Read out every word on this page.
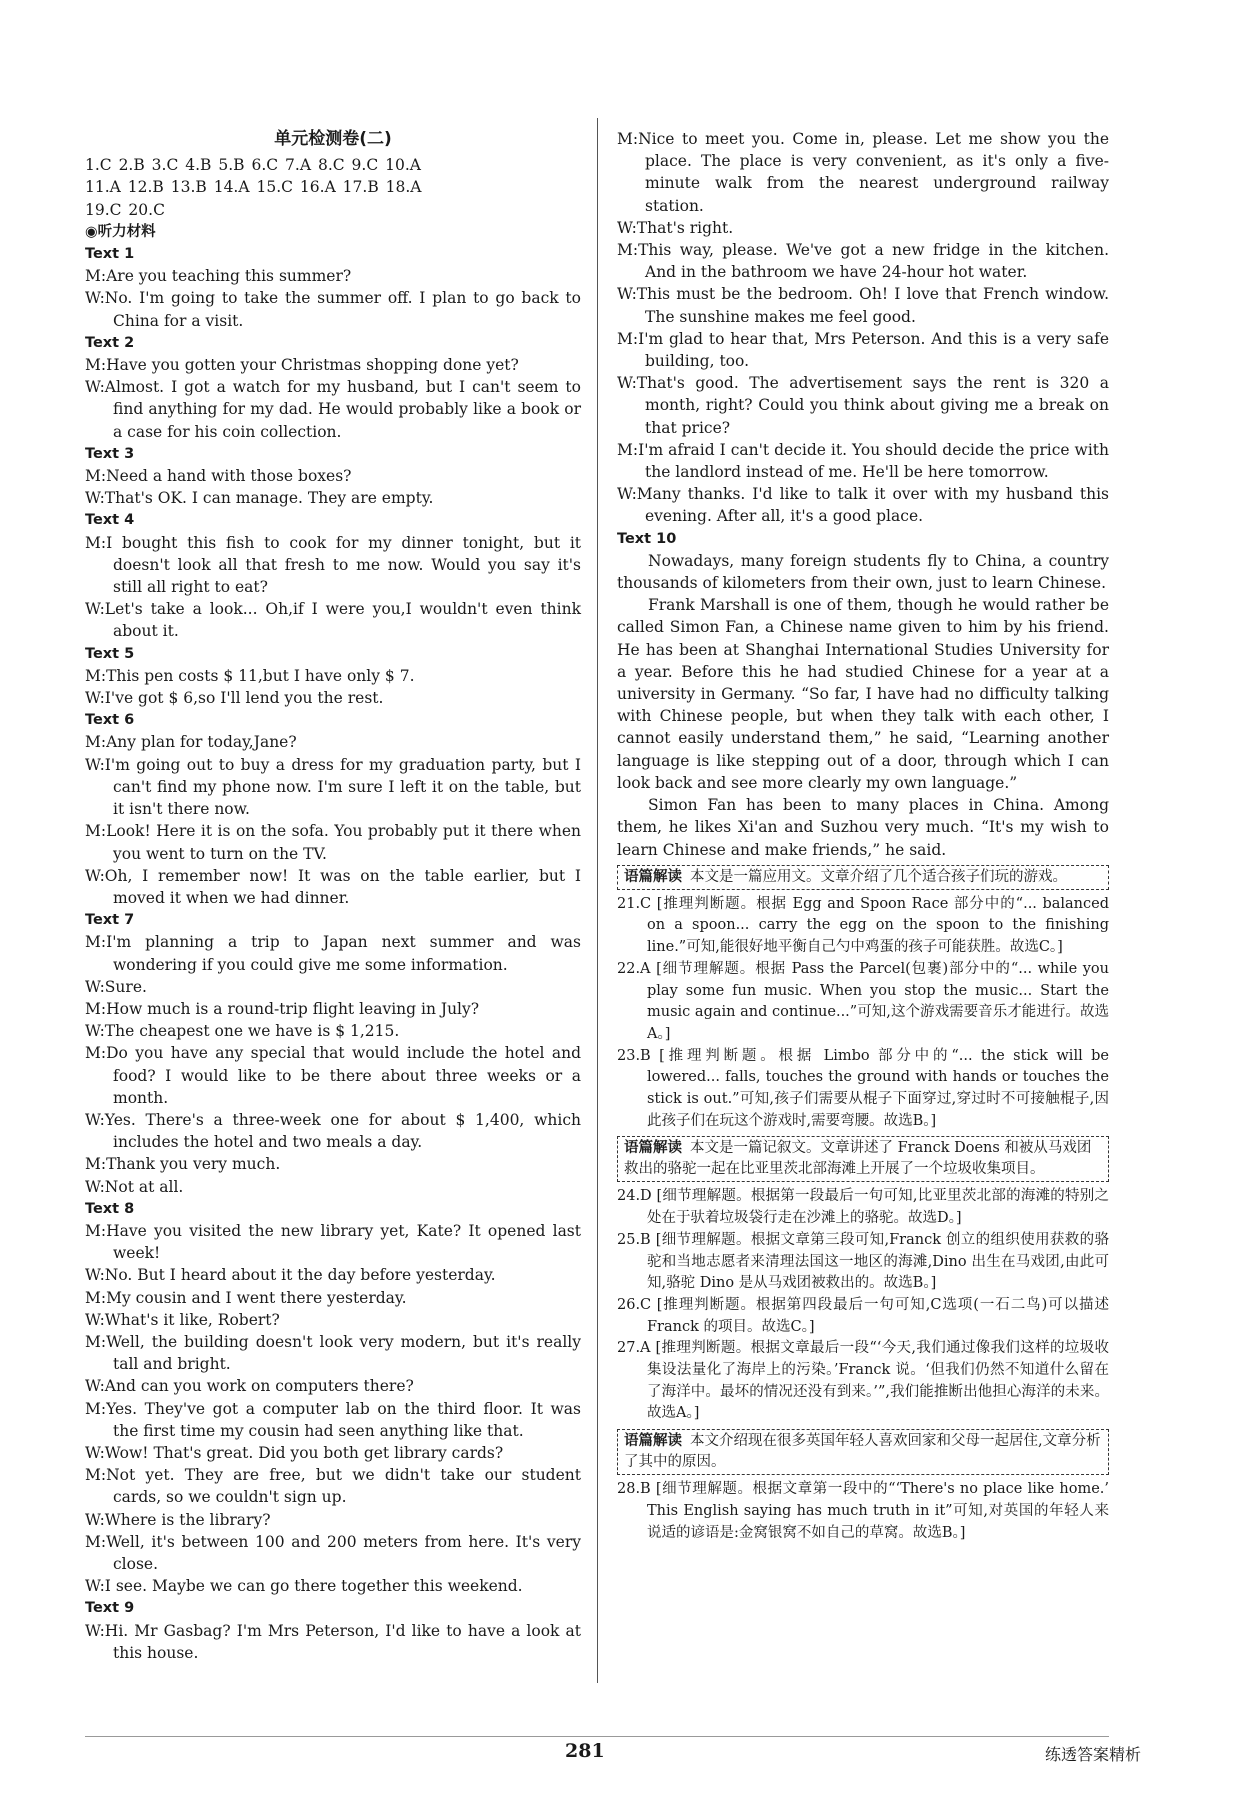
单元检测卷(二)
1.C 2.B 3.C 4.B 5.B 6.C 7.A 8.C 9.C 10.A
11.A 12.B 13.B 14.A 15.C 16.A 17.B 18.A
19.C 20.C
◉听力材料
Text 1
M:Are you teaching this summer?
W:No. I'm going to take the summer off. I plan to go back to China for a visit.
Text 2
M:Have you gotten your Christmas shopping done yet?
W:Almost. I got a watch for my husband, but I can't seem to find anything for my dad. He would probably like a book or a case for his coin collection.
Text 3
M:Need a hand with those boxes?
W:That's OK. I can manage. They are empty.
Text 4
M:I bought this fish to cook for my dinner tonight, but it doesn't look all that fresh to me now. Would you say it's still all right to eat?
W:Let's take a look... Oh,if I were you,I wouldn't even think about it.
Text 5
M:This pen costs $ 11,but I have only $ 7.
W:I've got $ 6,so I'll lend you the rest.
Text 6
M:Any plan for today,Jane?
W:I'm going out to buy a dress for my graduation party, but I can't find my phone now. I'm sure I left it on the table, but it isn't there now.
M:Look! Here it is on the sofa. You probably put it there when you went to turn on the TV.
W:Oh, I remember now! It was on the table earlier, but I moved it when we had dinner.
Text 7
M:I'm planning a trip to Japan next summer and was wondering if you could give me some information.
W:Sure.
M:How much is a round-trip flight leaving in July?
W:The cheapest one we have is $ 1,215.
M:Do you have any special that would include the hotel and food? I would like to be there about three weeks or a month.
W:Yes. There's a three-week one for about $ 1,400, which includes the hotel and two meals a day.
M:Thank you very much.
W:Not at all.
Text 8
M:Have you visited the new library yet, Kate? It opened last week!
W:No. But I heard about it the day before yesterday.
M:My cousin and I went there yesterday.
W:What's it like, Robert?
M:Well, the building doesn't look very modern, but it's really tall and bright.
W:And can you work on computers there?
M:Yes. They've got a computer lab on the third floor. It was the first time my cousin had seen anything like that.
W:Wow! That's great. Did you both get library cards?
M:Not yet. They are free, but we didn't take our student cards, so we couldn't sign up.
W:Where is the library?
M:Well, it's between 100 and 200 meters from here. It's very close.
W:I see. Maybe we can go there together this weekend.
Text 9
W:Hi. Mr Gasbag? I'm Mrs Peterson, I'd like to have a look at this house.
M:Nice to meet you. Come in, please. Let me show you the place. The place is very convenient, as it's only a five-minute walk from the nearest underground railway station.
W:That's right.
M:This way, please. We've got a new fridge in the kitchen. And in the bathroom we have 24-hour hot water.
W:This must be the bedroom. Oh! I love that French window. The sunshine makes me feel good.
M:I'm glad to hear that, Mrs Peterson. And this is a very safe building, too.
W:That's good. The advertisement says the rent is 320 a month, right? Could you think about giving me a break on that price?
M:I'm afraid I can't decide it. You should decide the price with the landlord instead of me. He'll be here tomorrow.
W:Many thanks. I'd like to talk it over with my husband this evening. After all, it's a good place.
Text 10
Nowadays, many foreign students fly to China, a country thousands of kilometers from their own, just to learn Chinese.
Frank Marshall is one of them, though he would rather be called Simon Fan, a Chinese name given to him by his friend. He has been at Shanghai International Studies University for a year. Before this he had studied Chinese for a year at a university in Germany. “So far, I have had no difficulty talking with Chinese people, but when they talk with each other, I cannot easily understand them,” he said, “Learning another language is like stepping out of a door, through which I can look back and see more clearly my own language.”
Simon Fan has been to many places in China. Among them, he likes Xi'an and Suzhou very much. “It's my wish to learn Chinese and make friends,” he said.
语篇解读 本文是一篇应用文。文章介绍了几个适合孩子们玩的游戏。
21.C [推理判断题。根据 Egg and Spoon Race 部分中的“... balanced on a spoon... carry the egg on the spoon to the finishing line.”可知,能很好地平衡自己勺中鸡蛋的孩子可能获胜。故选C。]
22.A [细节理解题。根据 Pass the Parcel(包裹)部分中的“... while you play some fun music. When you stop the music... Start the music again and continue...”可知,这个游戏需要音乐才能进行。故选A。]
23.B [推理判断题。根据 Limbo 部分中的“... the stick will be lowered... falls, touches the ground with hands or touches the stick is out.”可知,孩子们需要从棍子下面穿过,穿过时不可接触棍子,因此孩子们在玩这个游戏时,需要弯腰。故选B。]
语篇解读 本文是一篇记叙文。文章讲述了 Franck Doens 和被从马戏团救出的骆驼一起在比亚里茨北部海滩上开展了一个垃圾收集项目。
24.D [细节理解题。根据第一段最后一句可知,比亚里茨北部的海滩的特别之处在于驮着垃圾袋行走在沙滩上的骆驼。故选D。]
25.B [细节理解题。根据文章第三段可知,Franck 创立的组织使用获救的骆驼和当地志愿者来清理法国这一地区的海滩,Dino 出生在马戏团,由此可知,骆驼 Dino 是从马戏团被救出的。故选B。]
26.C [推理判断题。根据第四段最后一句可知,C选项(一石二鸟)可以描述 Franck 的项目。故选C。]
27.A [推理判断题。根据文章最后一段“‘今天,我们通过像我们这样的垃圾收集设法量化了海岸上的污染。’Franck 说。‘但我们仍然不知道什么留在了海洋中。最坏的情况还没有到来。’”,我们能推断出他担心海洋的未来。故选A。]
语篇解读 本文介绍现在很多英国年轻人喜欢回家和父母一起居住,文章分析了其中的原因。
28.B [细节理解题。根据文章第一段中的“‘There's no place like home.’ This English saying has much truth in it”可知,对英国的年轻人来说适的谚语是:金窝银窝不如自己的草窝。故选B。]
281	练透答案精析
